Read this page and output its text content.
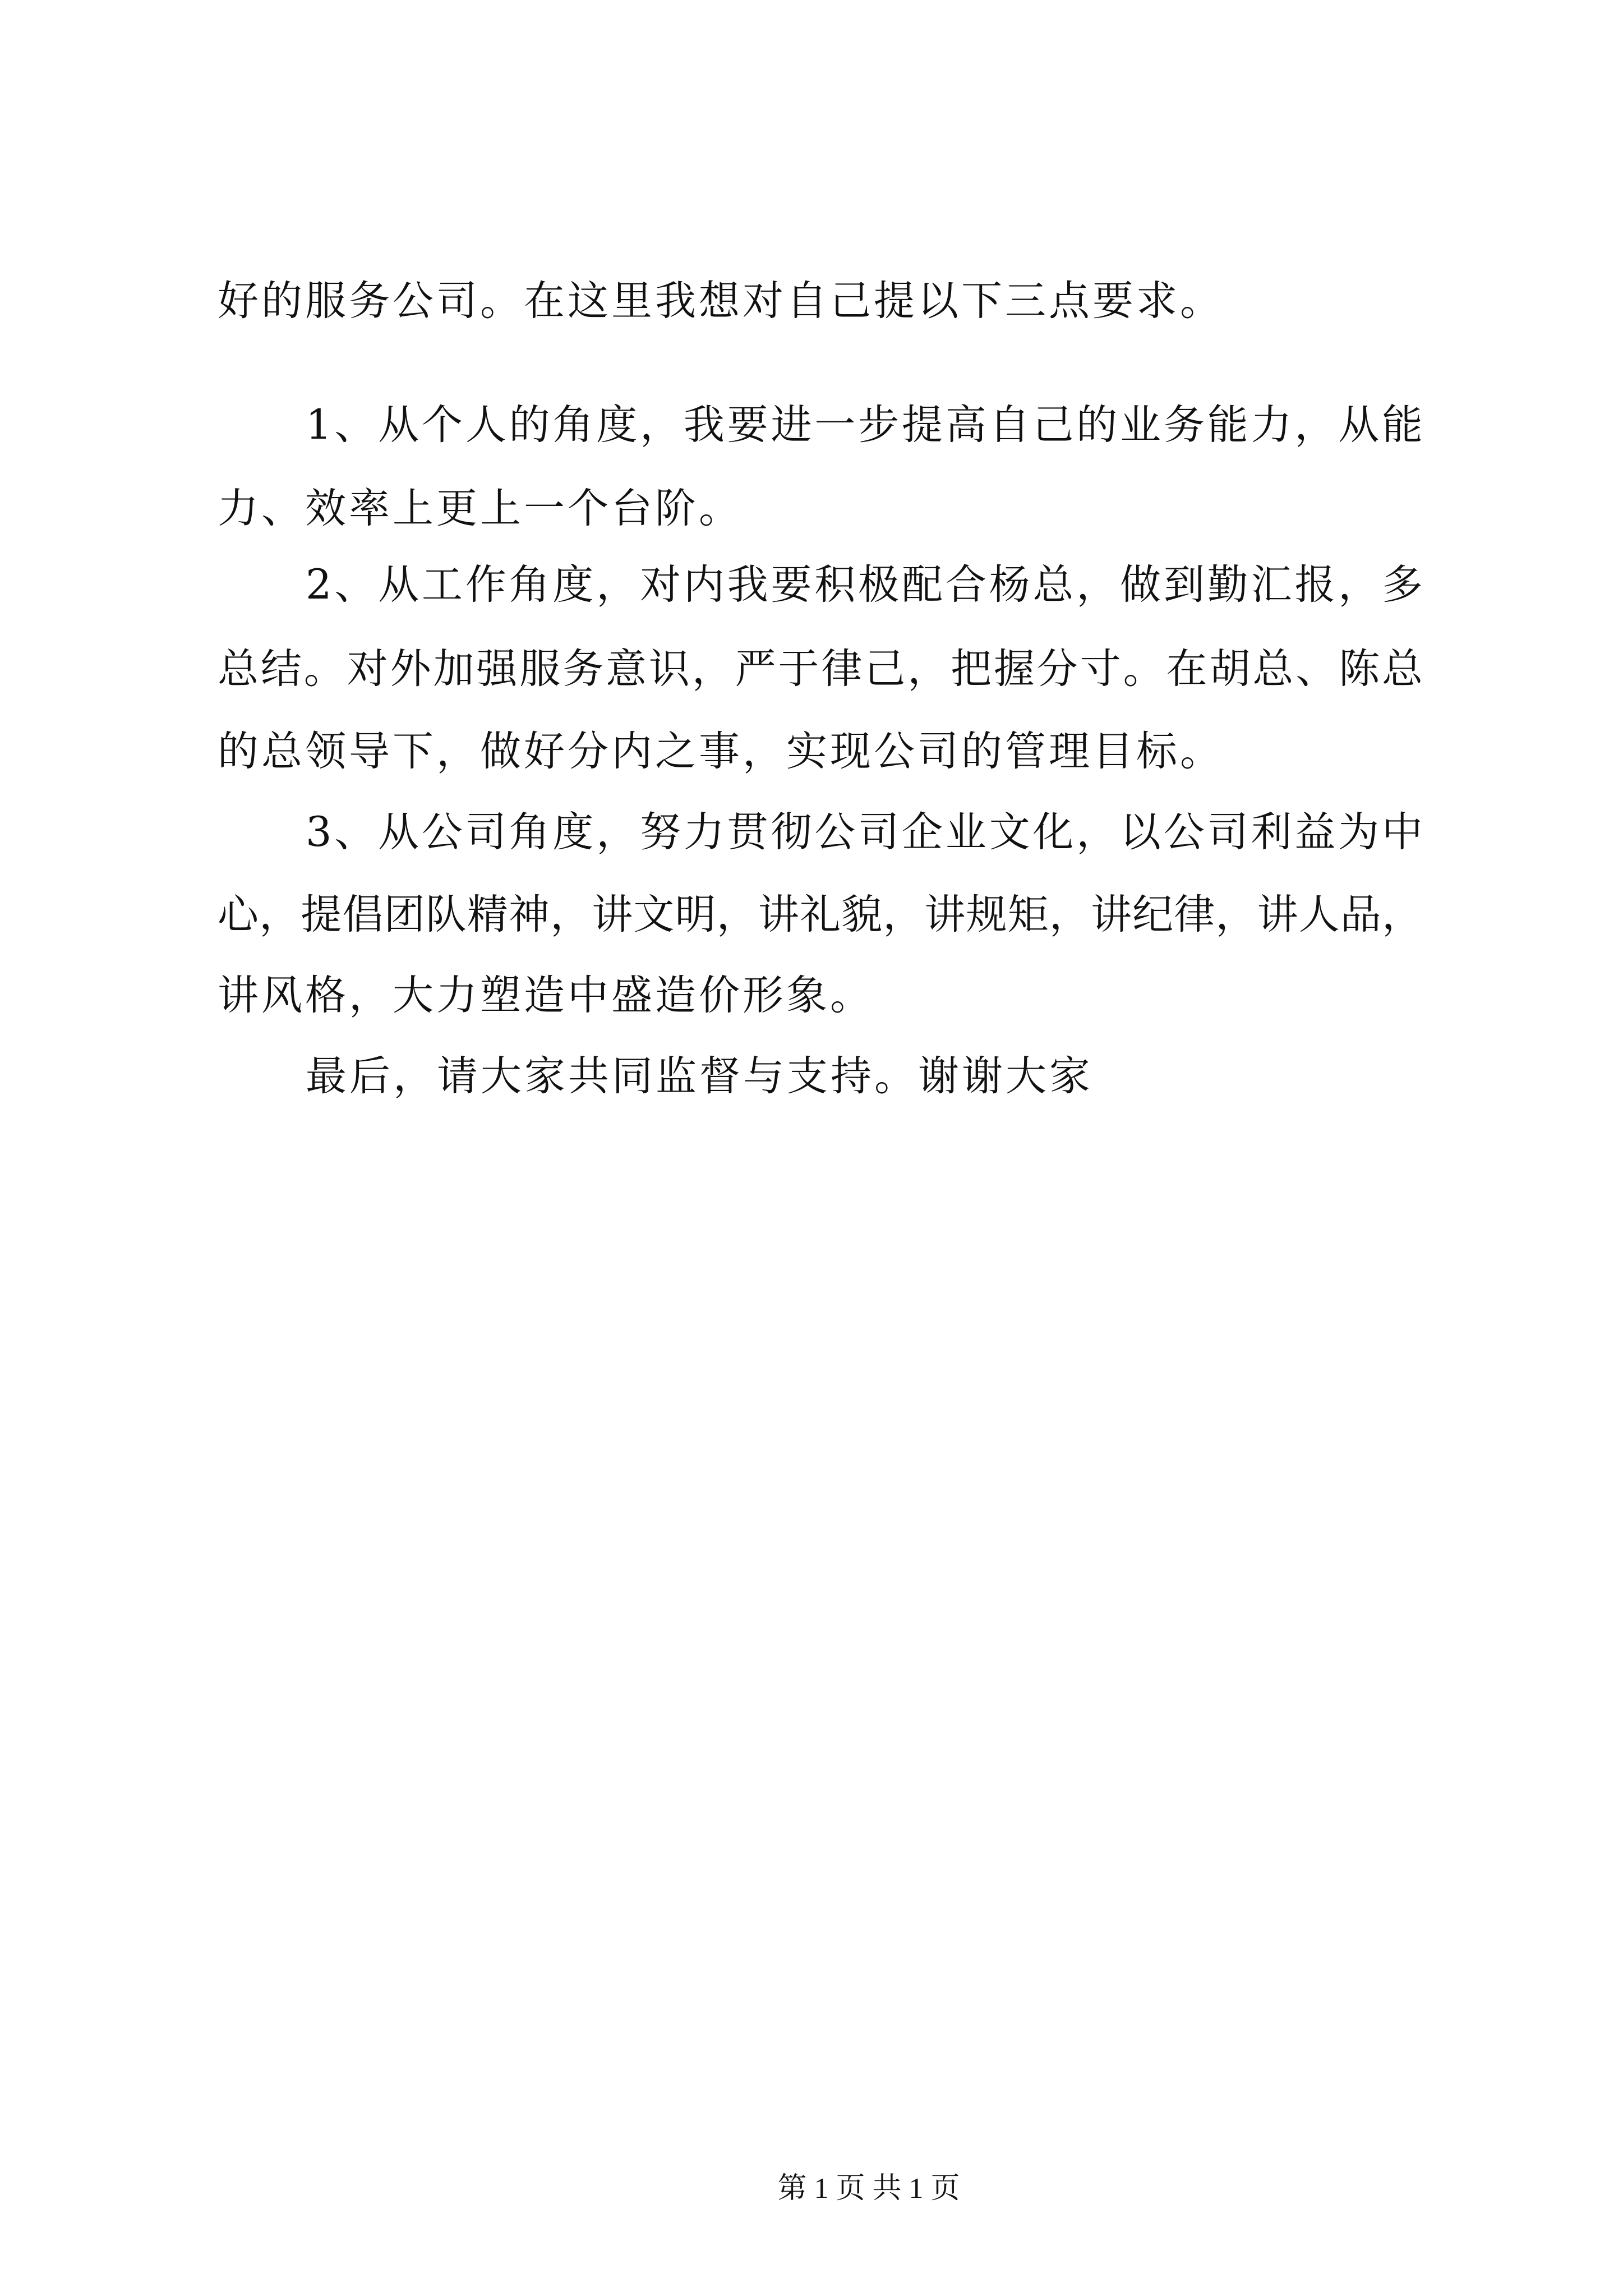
好的服务公司。在这里我想对自己提以下三点要求。
1、从个人的角度，我要进一步提高自己的业务能力，从能
力、效率上更上一个台阶。
2、从工作角度，对内我要积极配合杨总，做到勤汇报，多
总结。对外加强服务意识，严于律己，把握分寸。在胡总、陈总
的总领导下，做好分内之事，实现公司的管理目标。
3、从公司角度，努力贯彻公司企业文化，以公司利益为中
心，提倡团队精神，讲文明，讲礼貌，讲规矩，讲纪律，讲人品，
讲风格，大力塑造中盛造价形象。
最后，请大家共同监督与支持。谢谢大家

第 1 页 共 1 页
